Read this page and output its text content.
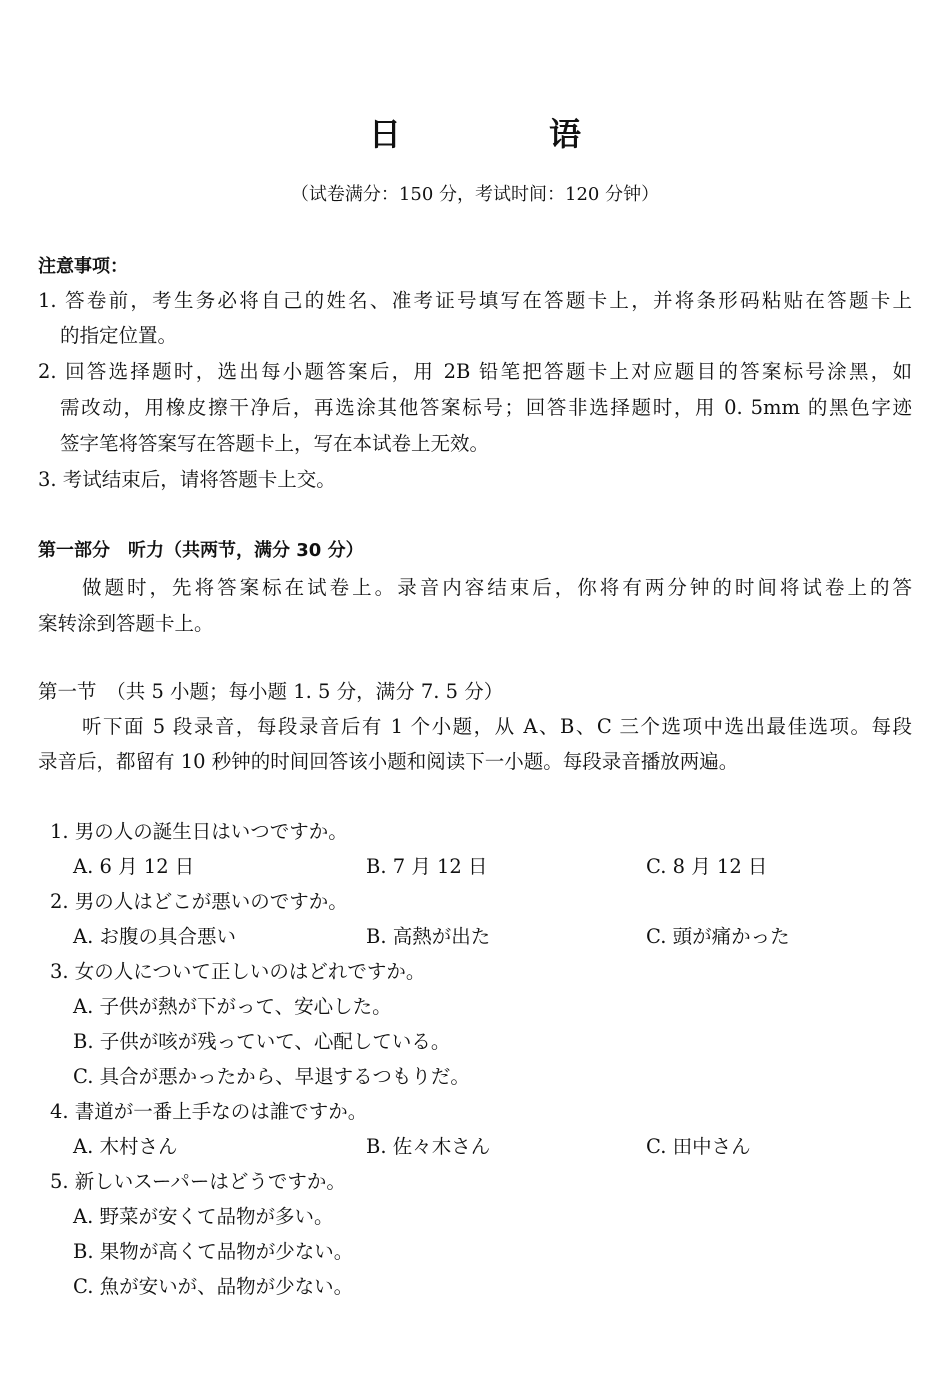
日　语
（试卷满分：150 分，考试时间：120 分钟）
注意事项：
1. 答卷前，考生务必将自己的姓名、准考证号填写在答题卡上，并将条形码粘贴在答题卡上
的指定位置。
2. 回答选择题时，选出每小题答案后，用 2B 铅笔把答题卡上对应题目的答案标号涂黑，如
需改动，用橡皮擦干净后，再选涂其他答案标号；回答非选择题时，用 0. 5mm 的黑色字迹
签字笔将答案写在答题卡上，写在本试卷上无效。
3. 考试结束后，请将答题卡上交。
第一部分　听力（共两节，满分 30 分）
做题时，先将答案标在试卷上。录音内容结束后，你将有两分钟的时间将试卷上的答
案转涂到答题卡上。
第一节　（共 5 小题；每小题 1. 5 分，满分 7. 5 分）
听下面 5 段录音，每段录音后有 1 个小题，从 A、B、C 三个选项中选出最佳选项。每段
录音后，都留有 10 秒钟的时间回答该小题和阅读下一小题。每段录音播放两遍。
1. 男の人の誕生日はいつですか。
A. 6 月 12 日	B. 7 月 12 日	C. 8 月 12 日
2. 男の人はどこが悪いのですか。
A. お腹の具合悪い	B. 高熱が出た	C. 頭が痛かった
3. 女の人について正しいのはどれですか。
A. 子供が熱が下がって、安心した。
B. 子供が咳が残っていて、心配している。
C. 具合が悪かったから、早退するつもりだ。
4. 書道が一番上手なのは誰ですか。
A. 木村さん	B. 佐々木さん	C. 田中さん
5. 新しいスーパーはどうですか。
A. 野菜が安くて品物が多い。
B. 果物が高くて品物が少ない。
C. 魚が安いが、品物が少ない。
